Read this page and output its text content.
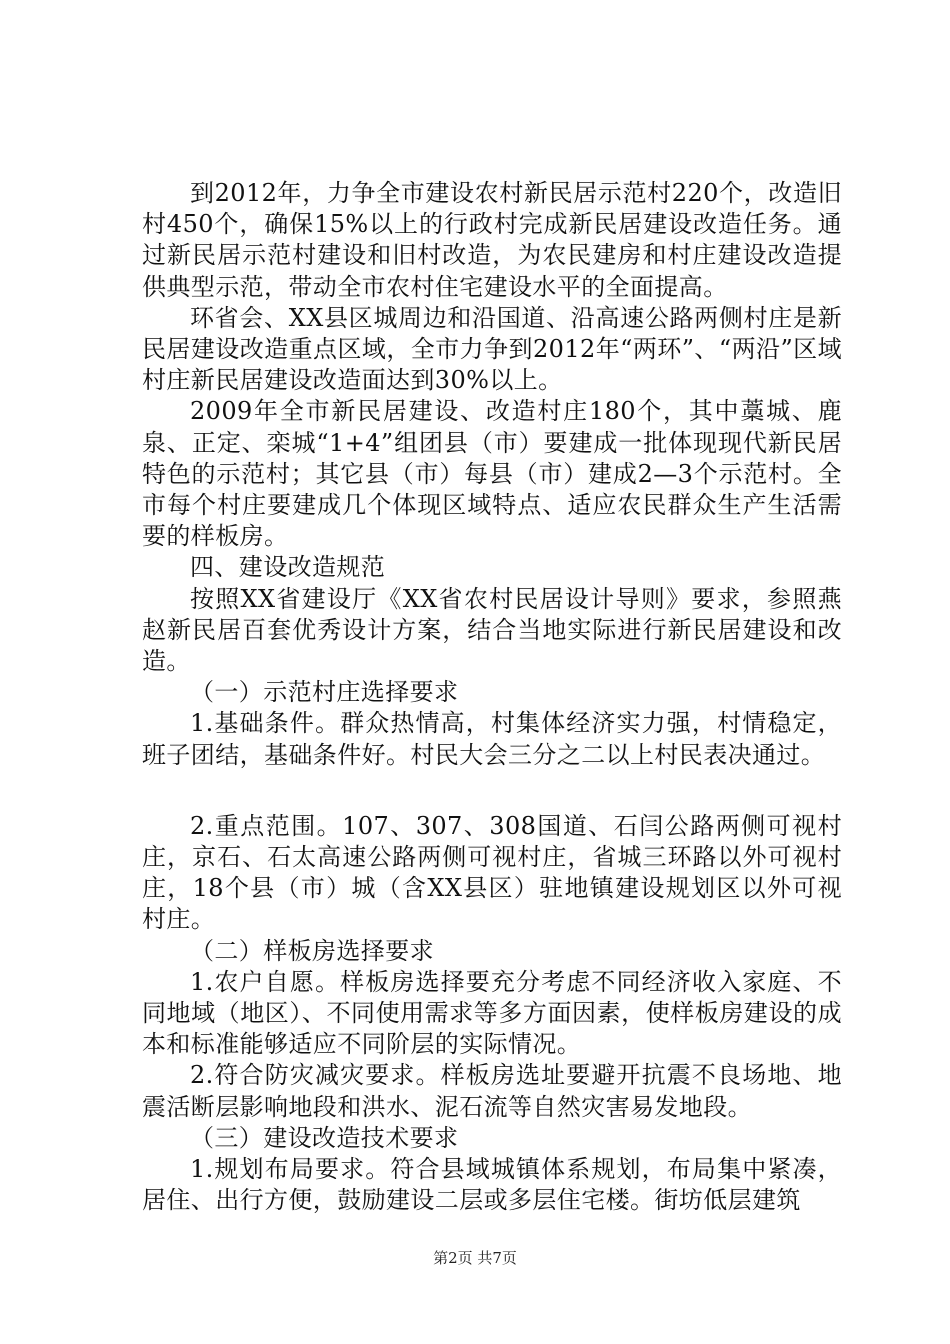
到2012年，力争全市建设农村新民居示范村220个，改造旧村450个，确保15%以上的行政村完成新民居建设改造任务。通过新民居示范村建设和旧村改造，为农民建房和村庄建设改造提供典型示范，带动全市农村住宅建设水平的全面提高。

环省会、XX县区城周边和沿国道、沿高速公路两侧村庄是新民居建设改造重点区域，全市力争到2012年“两环”、“两沿”区域村庄新民居建设改造面达到30%以上。

2009年全市新民居建设、改造村庄180个，其中藁城、鹿泉、正定、栾城“1+4”组团县（市）要建成一批体现现代新民居特色的示范村；其它县（市）每县（市）建成2—3个示范村。全市每个村庄要建成几个体现区域特点、适应农民群众生产生活需要的样板房。

四、建设改造规范

按照XX省建设厅《XX省农村民居设计导则》要求，参照燕赵新民居百套优秀设计方案，结合当地实际进行新民居建设和改造。

（一）示范村庄选择要求

1.基础条件。群众热情高，村集体经济实力强，村情稳定，班子团结，基础条件好。村民大会三分之二以上村民表决通过。

2.重点范围。107、307、308国道、石闫公路两侧可视村庄，京石、石太高速公路两侧可视村庄，省城三环路以外可视村庄，18个县（市）城（含XX县区）驻地镇建设规划区以外可视村庄。

（二）样板房选择要求

1.农户自愿。样板房选择要充分考虑不同经济收入家庭、不同地域（地区）、不同使用需求等多方面因素，使样板房建设的成本和标准能够适应不同阶层的实际情况。

2.符合防灾减灾要求。样板房选址要避开抗震不良场地、地震活断层影响地段和洪水、泥石流等自然灾害易发地段。

（三）建设改造技术要求

1.规划布局要求。符合县域城镇体系规划，布局集中紧凑，居住、出行方便，鼓励建设二层或多层住宅楼。街坊低层建筑

第2页 共7页
